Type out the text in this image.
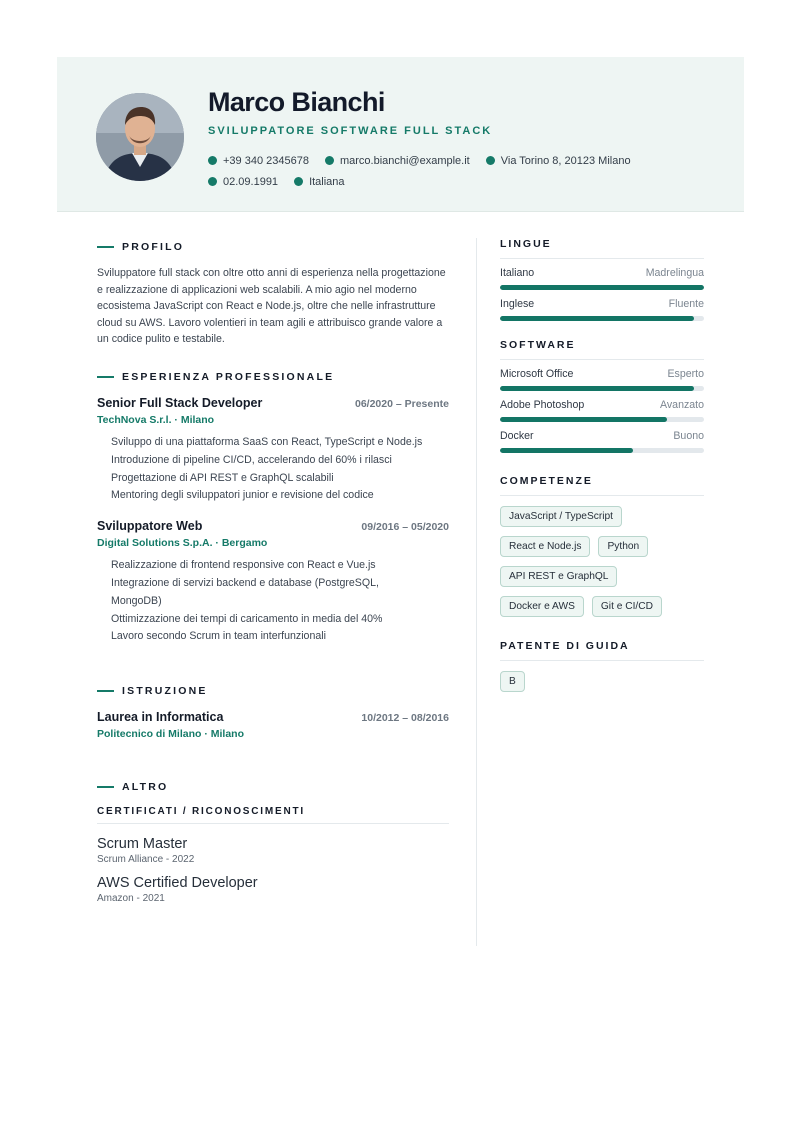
Marco Bianchi
SVILUPPATORE SOFTWARE FULL STACK
+39 340 2345678	marco.bianchi@example.it	Via Torino 8, 20123 Milano
02.09.1991	Italiana
PROFILO
Sviluppatore full stack con oltre otto anni di esperienza nella progettazione e realizzazione di applicazioni web scalabili. A mio agio nel moderno ecosistema JavaScript con React e Node.js, oltre che nelle infrastrutture cloud su AWS. Lavoro volentieri in team agili e attribuisco grande valore a un codice pulito e testabile.
ESPERIENZA PROFESSIONALE
Senior Full Stack Developer	06/2020 – Presente
TechNova S.r.l. · Milano
Sviluppo di una piattaforma SaaS con React, TypeScript e Node.js
Introduzione di pipeline CI/CD, accelerando del 60% i rilasci
Progettazione di API REST e GraphQL scalabili
Mentoring degli sviluppatori junior e revisione del codice
Sviluppatore Web	09/2016 – 05/2020
Digital Solutions S.p.A. · Bergamo
Realizzazione di frontend responsive con React e Vue.js
Integrazione di servizi backend e database (PostgreSQL, MongoDB)
Ottimizzazione dei tempi di caricamento in media del 40%
Lavoro secondo Scrum in team interfunzionali
ISTRUZIONE
Laurea in Informatica	10/2012 – 08/2016
Politecnico di Milano · Milano
ALTRO
CERTIFICATI / RICONOSCIMENTI
Scrum Master
Scrum Alliance - 2022
AWS Certified Developer
Amazon - 2021
LINGUE
Italiano	Madrelingua
Inglese	Fluente
SOFTWARE
Microsoft Office	Esperto
Adobe Photoshop	Avanzato
Docker	Buono
COMPETENZE
JavaScript / TypeScript
React e Node.js	Python
API REST e GraphQL
Docker e AWS	Git e CI/CD
PATENTE DI GUIDA
B
